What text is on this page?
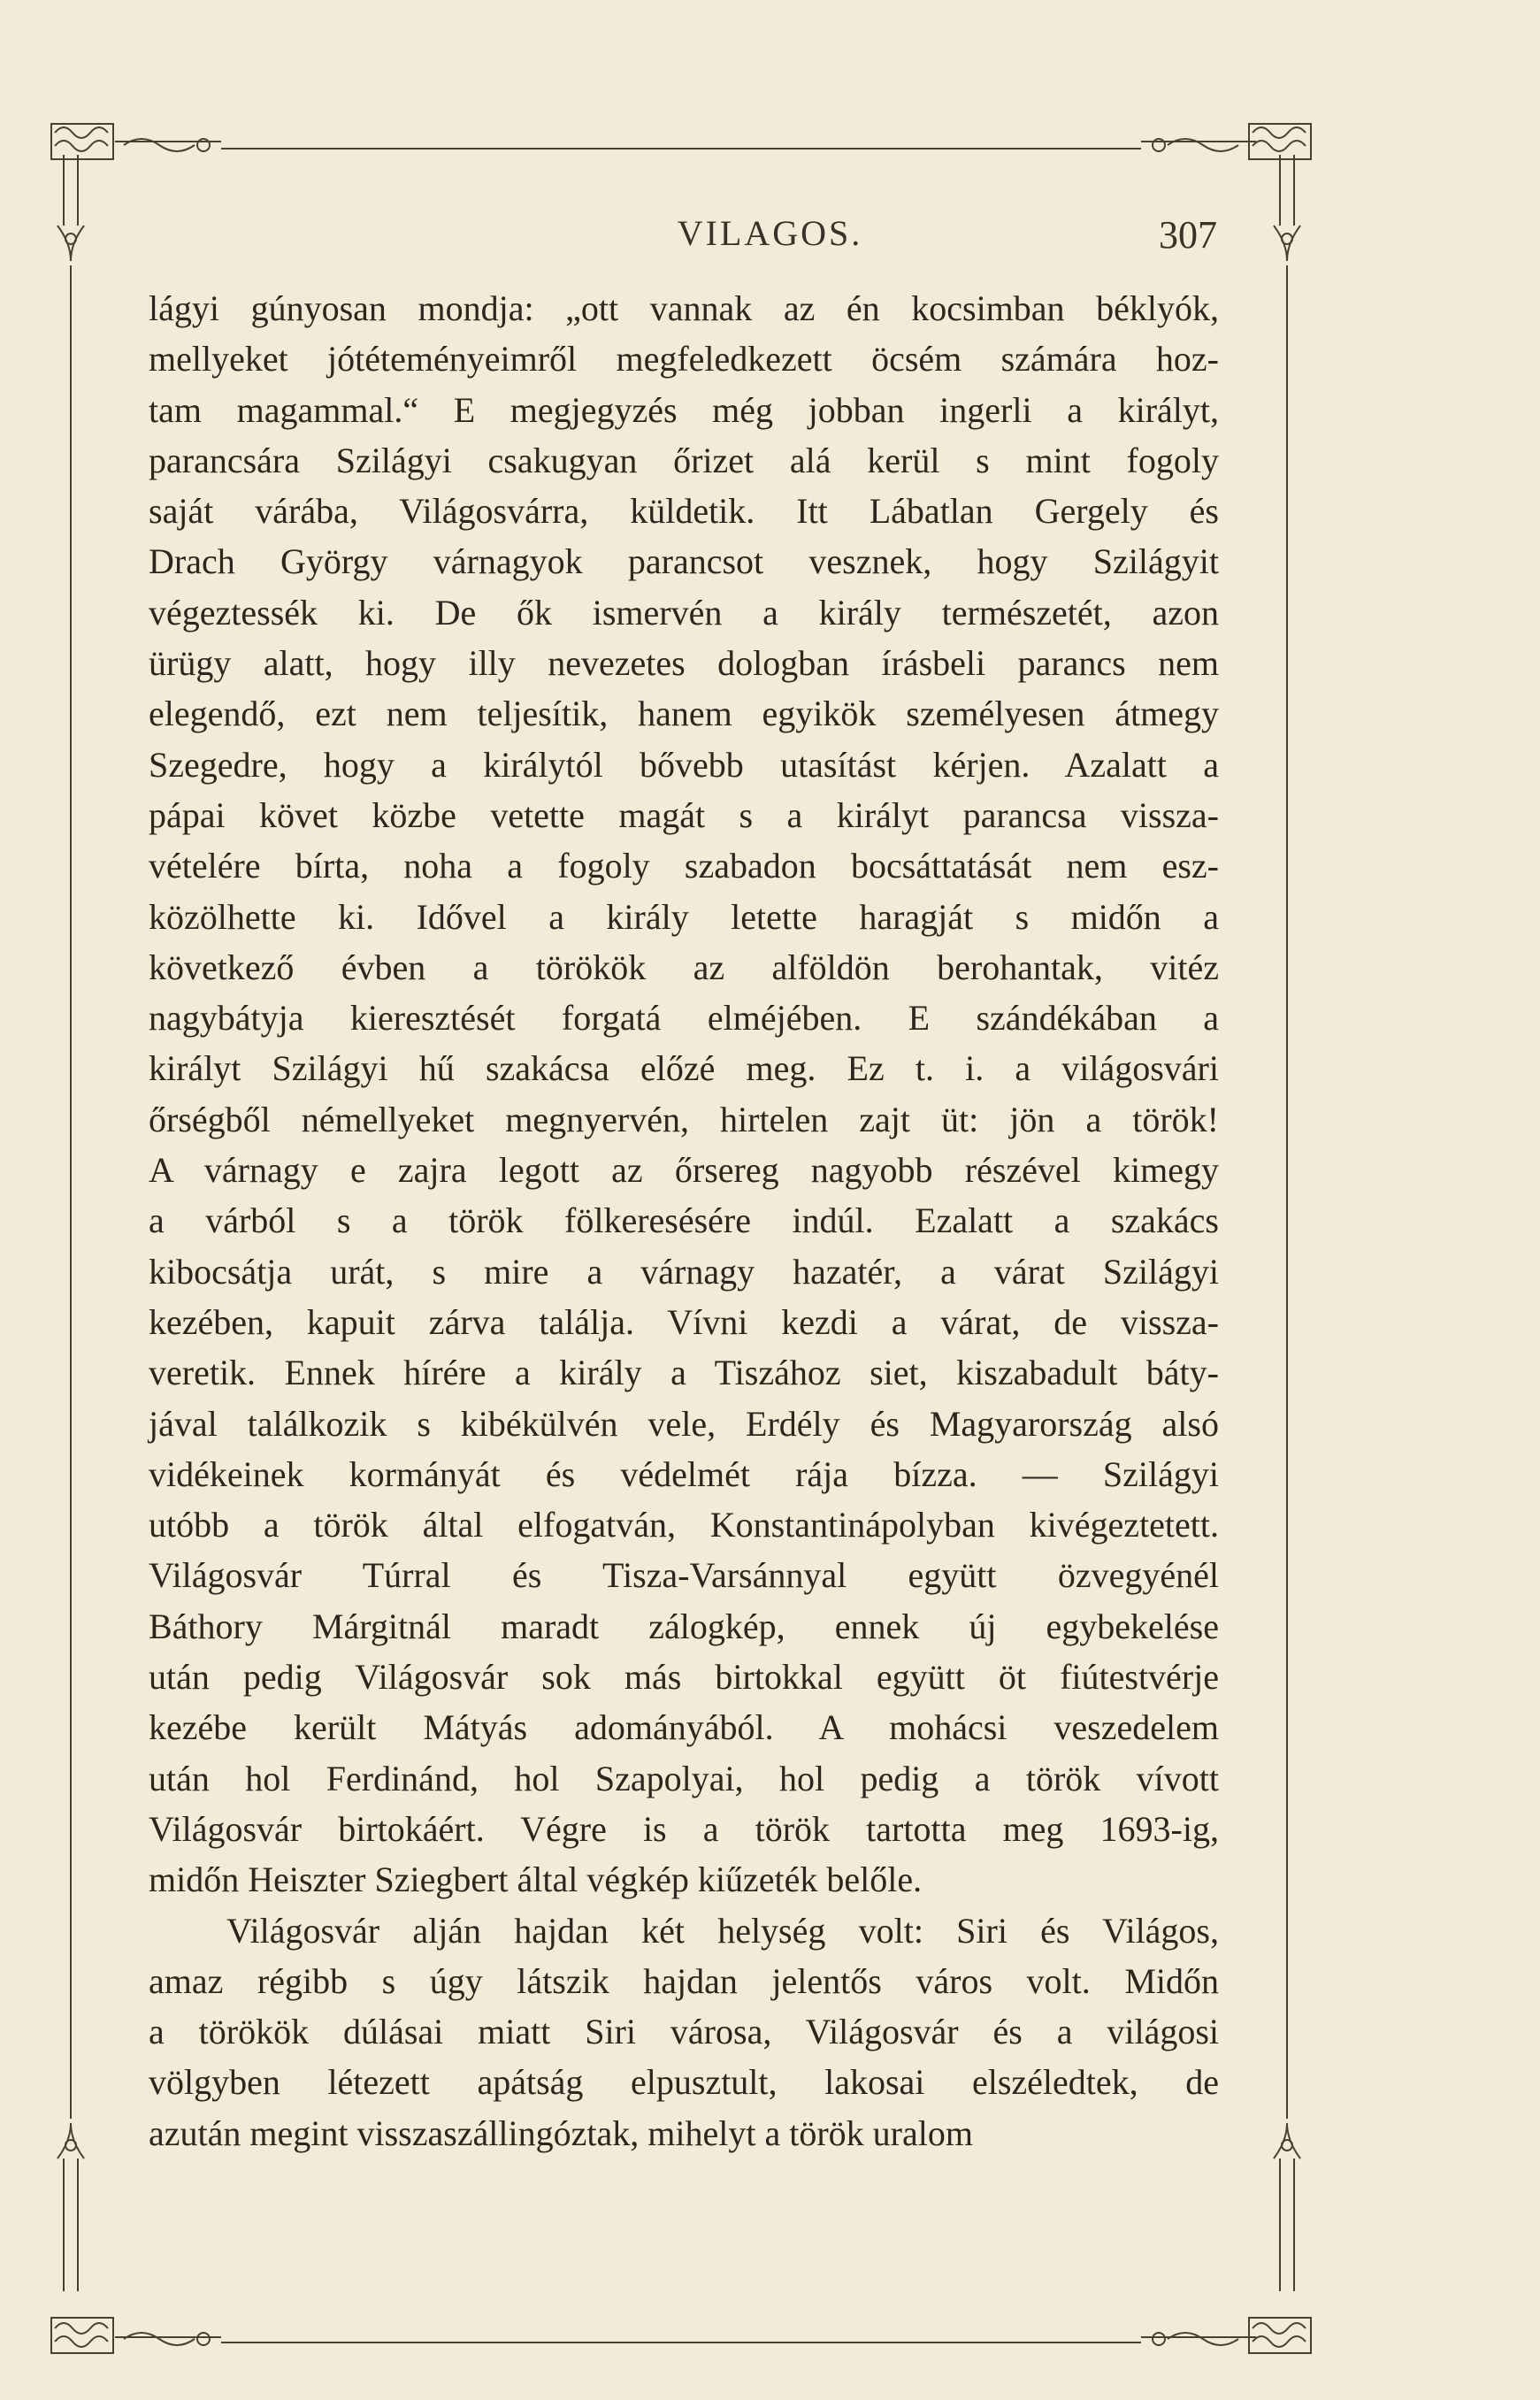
VILAGOS.	307
lágyi gúnyosan mondja: „ott vannak az én kocsimban béklyók,
mellyeket jótéteményeimről megfeledkezett öcsém számára hoz-
tam magammal.“ E megjegyzés még jobban ingerli a királyt,
parancsára Szilágyi csakugyan őrizet alá kerül s mint fogoly
saját várába, Világosvárra, küldetik. Itt Lábatlan Gergely és
Drach György várnagyok parancsot vesznek, hogy Szilágyit
végeztessék ki. De ők ismervén a király természetét, azon
ürügy alatt, hogy illy nevezetes dologban írásbeli parancs nem
elegendő, ezt nem teljesítik, hanem egyikök személyesen átmegy
Szegedre, hogy a királytól bővebb utasítást kérjen. Azalatt a
pápai követ közbe vetette magát s a királyt parancsa vissza-
vételére bírta, noha a fogoly szabadon bocsáttatását nem esz-
közölhette ki. Idővel a király letette haragját s midőn a
következő évben a törökök az alföldön berohantak, vitéz
nagybátyja kieresztését forgatá elméjében. E szándékában a
királyt Szilágyi hű szakácsa előzé meg. Ez t. i. a világosvári
őrségből némellyeket megnyervén, hirtelen zajt üt: jön a török!
A várnagy e zajra legott az őrsereg nagyobb részével kimegy
a várból s a török fölkeresésére indúl. Ezalatt a szakács
kibocsátja urát, s mire a várnagy hazatér, a várat Szilágyi
kezében, kapuit zárva találja. Vívni kezdi a várat, de vissza-
veretik. Ennek hírére a király a Tiszához siet, kiszabadult báty-
jával találkozik s kibékülvén vele, Erdély és Magyarország alsó
vidékeinek kormányát és védelmét rája bízza. — Szilágyi
utóbb a török által elfogatván, Konstantinápolyban kivégeztetett.
Világosvár Túrral és Tisza-Varsánnyal együtt özvegyénél
Báthory Márgitnál maradt zálogkép, ennek új egybekelése
után pedig Világosvár sok más birtokkal együtt öt fiútestvérje
kezébe került Mátyás adományából. A mohácsi veszedelem
után hol Ferdinánd, hol Szapolyai, hol pedig a török vívott
Világosvár birtokáért. Végre is a török tartotta meg 1693-ig,
midőn Heiszter Sziegbert által végkép kiűzeték belőle.
Világosvár alján hajdan két helység volt: Siri és Világos,
amaz régibb s úgy látszik hajdan jelentős város volt. Midőn
a törökök dúlásai miatt Siri városa, Világosvár és a világosi
völgyben létezett apátság elpusztult, lakosai elszéledtek, de
azután megint visszaszállingóztak, mihelyt a török uralom
